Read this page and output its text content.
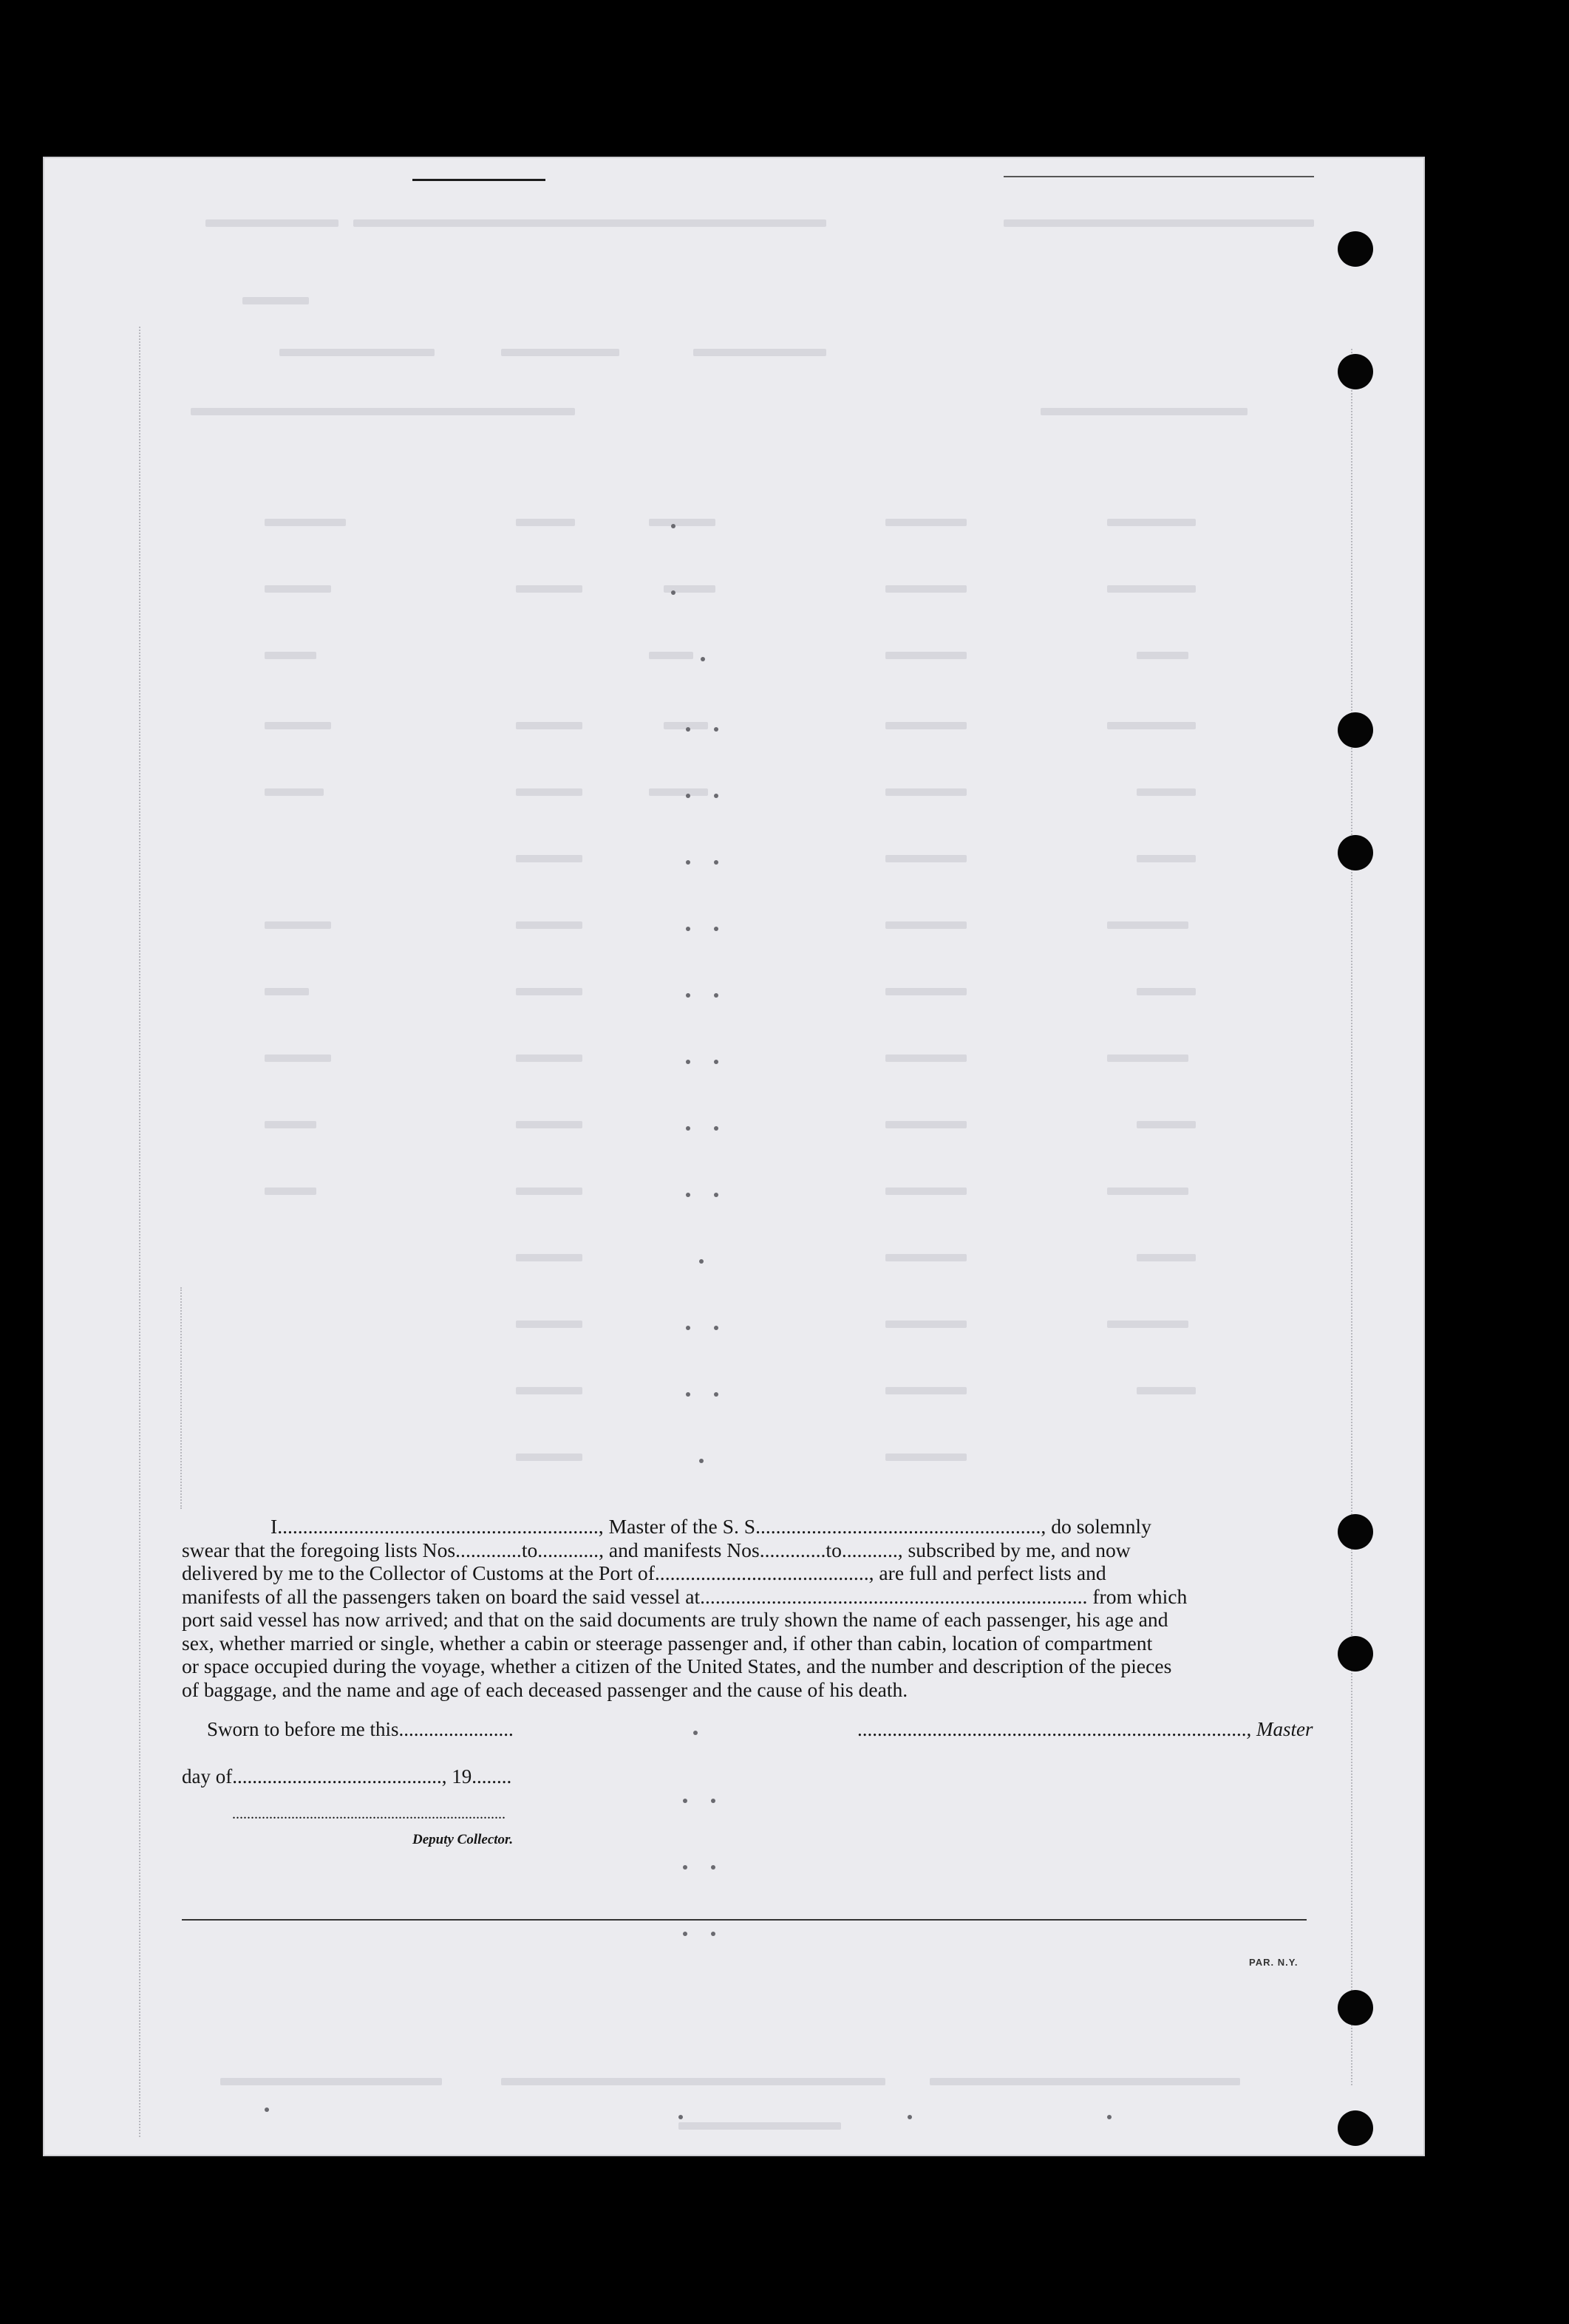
I..............................................................., Master of the S. S........................................................, do solemnly
swear that the foregoing lists Nos.............to............, and manifests Nos.............to..........., subscribed by me, and now
delivered by me to the Collector of Customs at the Port of.........................................., are full and perfect lists and
manifests of all the passengers taken on board the said vessel at............................................................................ from which
port said vessel has now arrived; and that on the said documents are truly shown the name of each passenger, his age and
sex, whether married or single, whether a cabin or steerage passenger and, if other than cabin, location of compartment
or space occupied during the voyage, whether a citizen of the United States, and the number and description of the pieces
of baggage, and the name and age of each deceased passenger and the cause of his death.
Sworn to before me this.......................	.............................................................................., Master
day of.........................................., 19........
..........................................................................
Deputy Collector.
PAR. N.Y.
